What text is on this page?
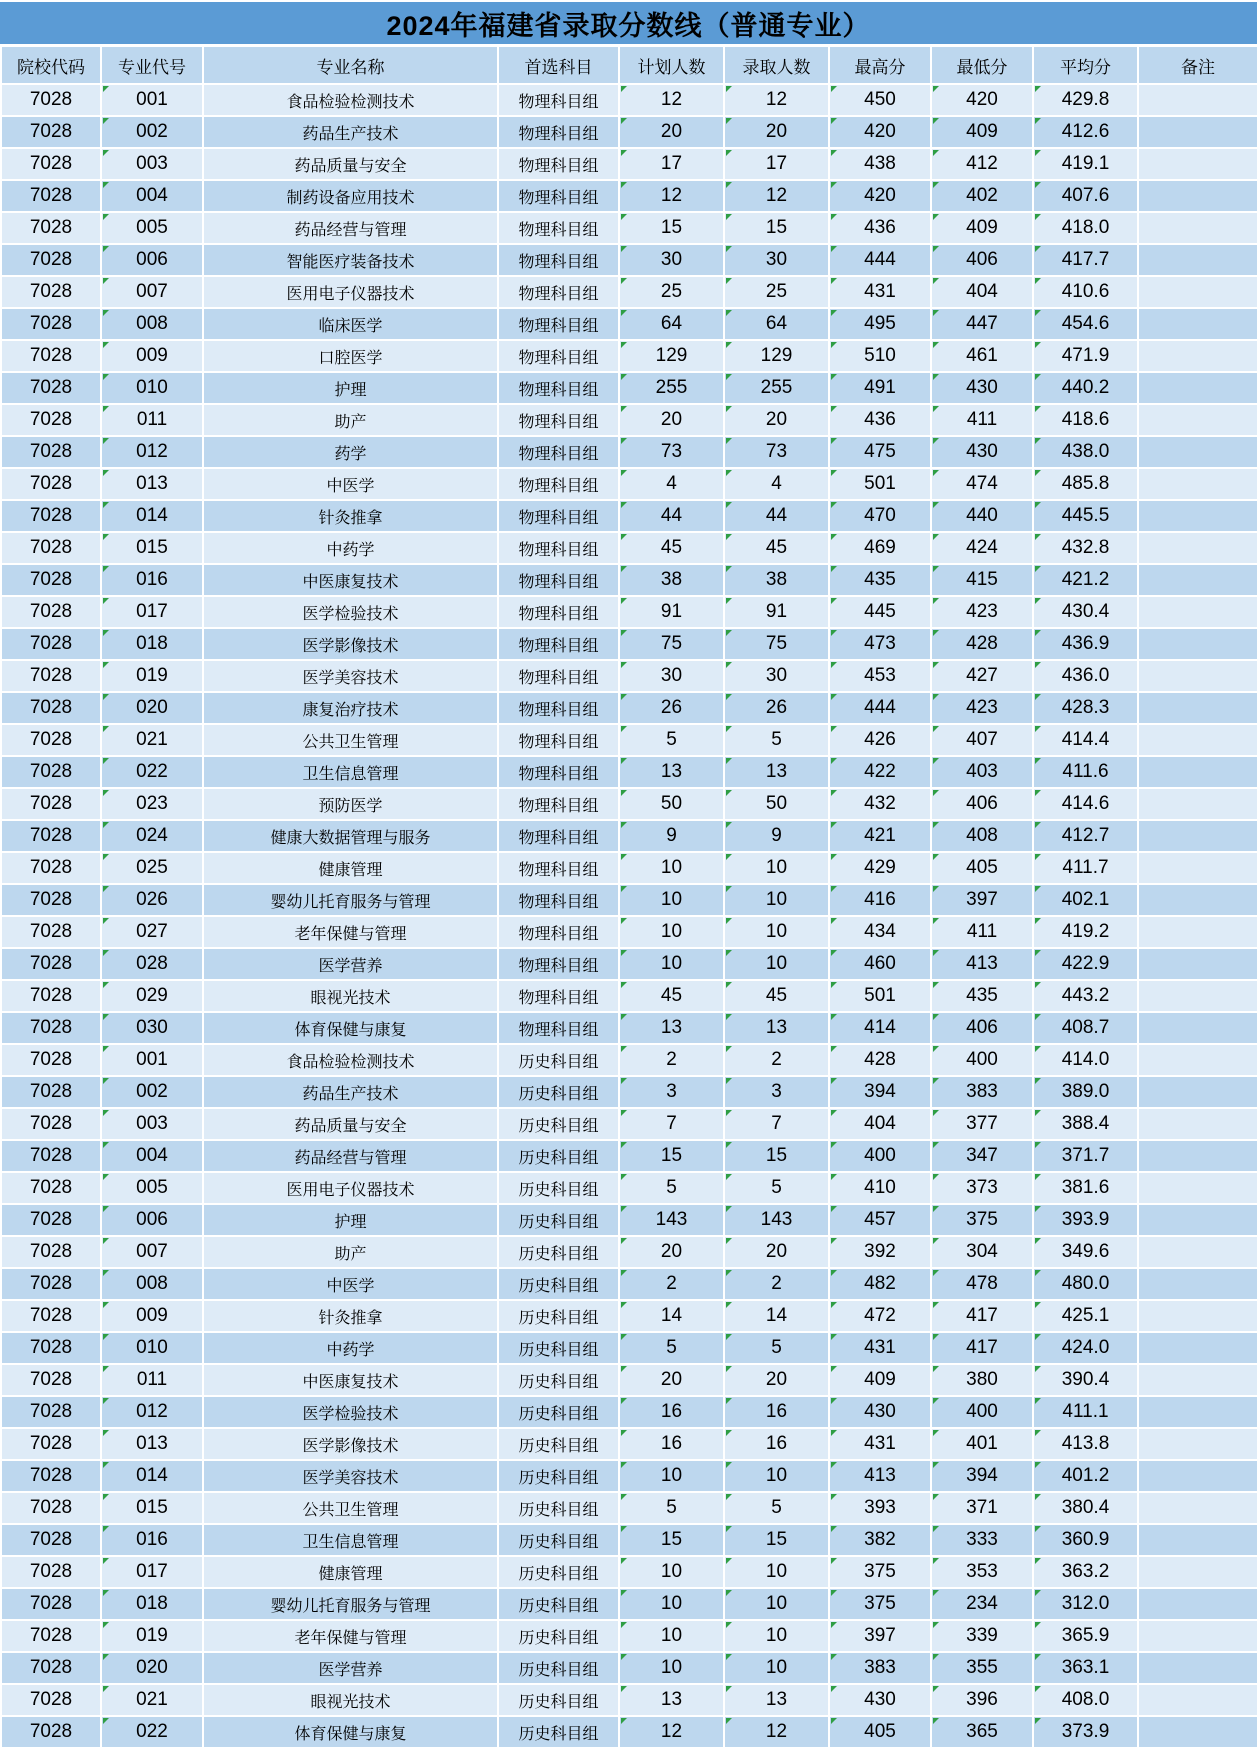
2024年福建省录取分数线（普通专业）
院校代码	专业代号	专业名称	首选科目	计划人数	录取人数	最高分	最低分	平均分	备注
7028	001	食品检验检测技术	物理科目组	12	12	450	420	429.8	
7028	002	药品生产技术	物理科目组	20	20	420	409	412.6	
7028	003	药品质量与安全	物理科目组	17	17	438	412	419.1	
7028	004	制药设备应用技术	物理科目组	12	12	420	402	407.6	
7028	005	药品经营与管理	物理科目组	15	15	436	409	418.0	
7028	006	智能医疗装备技术	物理科目组	30	30	444	406	417.7	
7028	007	医用电子仪器技术	物理科目组	25	25	431	404	410.6	
7028	008	临床医学	物理科目组	64	64	495	447	454.6	
7028	009	口腔医学	物理科目组	129	129	510	461	471.9	
7028	010	护理	物理科目组	255	255	491	430	440.2	
7028	011	助产	物理科目组	20	20	436	411	418.6	
7028	012	药学	物理科目组	73	73	475	430	438.0	
7028	013	中医学	物理科目组	4	4	501	474	485.8	
7028	014	针灸推拿	物理科目组	44	44	470	440	445.5	
7028	015	中药学	物理科目组	45	45	469	424	432.8	
7028	016	中医康复技术	物理科目组	38	38	435	415	421.2	
7028	017	医学检验技术	物理科目组	91	91	445	423	430.4	
7028	018	医学影像技术	物理科目组	75	75	473	428	436.9	
7028	019	医学美容技术	物理科目组	30	30	453	427	436.0	
7028	020	康复治疗技术	物理科目组	26	26	444	423	428.3	
7028	021	公共卫生管理	物理科目组	5	5	426	407	414.4	
7028	022	卫生信息管理	物理科目组	13	13	422	403	411.6	
7028	023	预防医学	物理科目组	50	50	432	406	414.6	
7028	024	健康大数据管理与服务	物理科目组	9	9	421	408	412.7	
7028	025	健康管理	物理科目组	10	10	429	405	411.7	
7028	026	婴幼儿托育服务与管理	物理科目组	10	10	416	397	402.1	
7028	027	老年保健与管理	物理科目组	10	10	434	411	419.2	
7028	028	医学营养	物理科目组	10	10	460	413	422.9	
7028	029	眼视光技术	物理科目组	45	45	501	435	443.2	
7028	030	体育保健与康复	物理科目组	13	13	414	406	408.7	
7028	001	食品检验检测技术	历史科目组	2	2	428	400	414.0	
7028	002	药品生产技术	历史科目组	3	3	394	383	389.0	
7028	003	药品质量与安全	历史科目组	7	7	404	377	388.4	
7028	004	药品经营与管理	历史科目组	15	15	400	347	371.7	
7028	005	医用电子仪器技术	历史科目组	5	5	410	373	381.6	
7028	006	护理	历史科目组	143	143	457	375	393.9	
7028	007	助产	历史科目组	20	20	392	304	349.6	
7028	008	中医学	历史科目组	2	2	482	478	480.0	
7028	009	针灸推拿	历史科目组	14	14	472	417	425.1	
7028	010	中药学	历史科目组	5	5	431	417	424.0	
7028	011	中医康复技术	历史科目组	20	20	409	380	390.4	
7028	012	医学检验技术	历史科目组	16	16	430	400	411.1	
7028	013	医学影像技术	历史科目组	16	16	431	401	413.8	
7028	014	医学美容技术	历史科目组	10	10	413	394	401.2	
7028	015	公共卫生管理	历史科目组	5	5	393	371	380.4	
7028	016	卫生信息管理	历史科目组	15	15	382	333	360.9	
7028	017	健康管理	历史科目组	10	10	375	353	363.2	
7028	018	婴幼儿托育服务与管理	历史科目组	10	10	375	234	312.0	
7028	019	老年保健与管理	历史科目组	10	10	397	339	365.9	
7028	020	医学营养	历史科目组	10	10	383	355	363.1	
7028	021	眼视光技术	历史科目组	13	13	430	396	408.0	
7028	022	体育保健与康复	历史科目组	12	12	405	365	373.9	
